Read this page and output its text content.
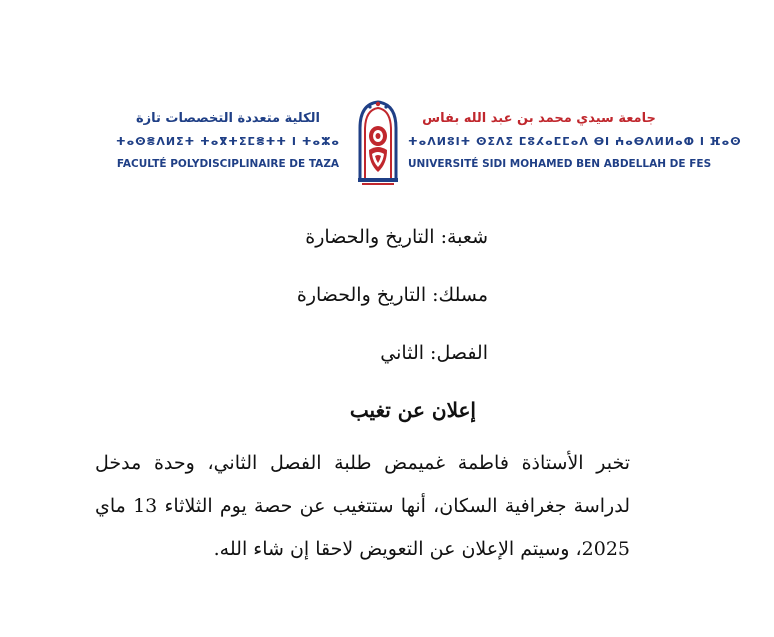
الكلية متعددة التخصصات تازة
ⵜⴰⵙⴻⴷⵍⵉⵜ ⵜⴰⴳⵜⵉⵎⴻⵜⵜ ⵏ ⵜⴰⵣⴰ
FACULTÉ POLYDISCIPLINAIRE DE TAZA
جامعة سيدي محمد بن عبد الله بفاس
ⵜⴰⴷⵍⵓⵏⵜ ⵙⵉⴷⵉ ⵎⵓⵃⴰⵎⵎⴰⴷ ⴱⵏ ⵄⴰⴱⴷⵍⵍⴰⵀ ⵏ ⴼⴰⵙ
UNIVERSITÉ SIDI MOHAMED BEN ABDELLAH DE FES
شعبة: التاريخ والحضارة
مسلك: التاريخ والحضارة
الفصل: الثاني
إعلان عن تغيب
تخبر الأستاذة فاطمة غميمض طلبة الفصل الثاني، وحدة مدخل لدراسة جغرافية السكان، أنها ستتغيب عن حصة يوم الثلاثاء 13 ماي 2025، وسيتم الإعلان عن التعويض لاحقا إن شاء الله.
